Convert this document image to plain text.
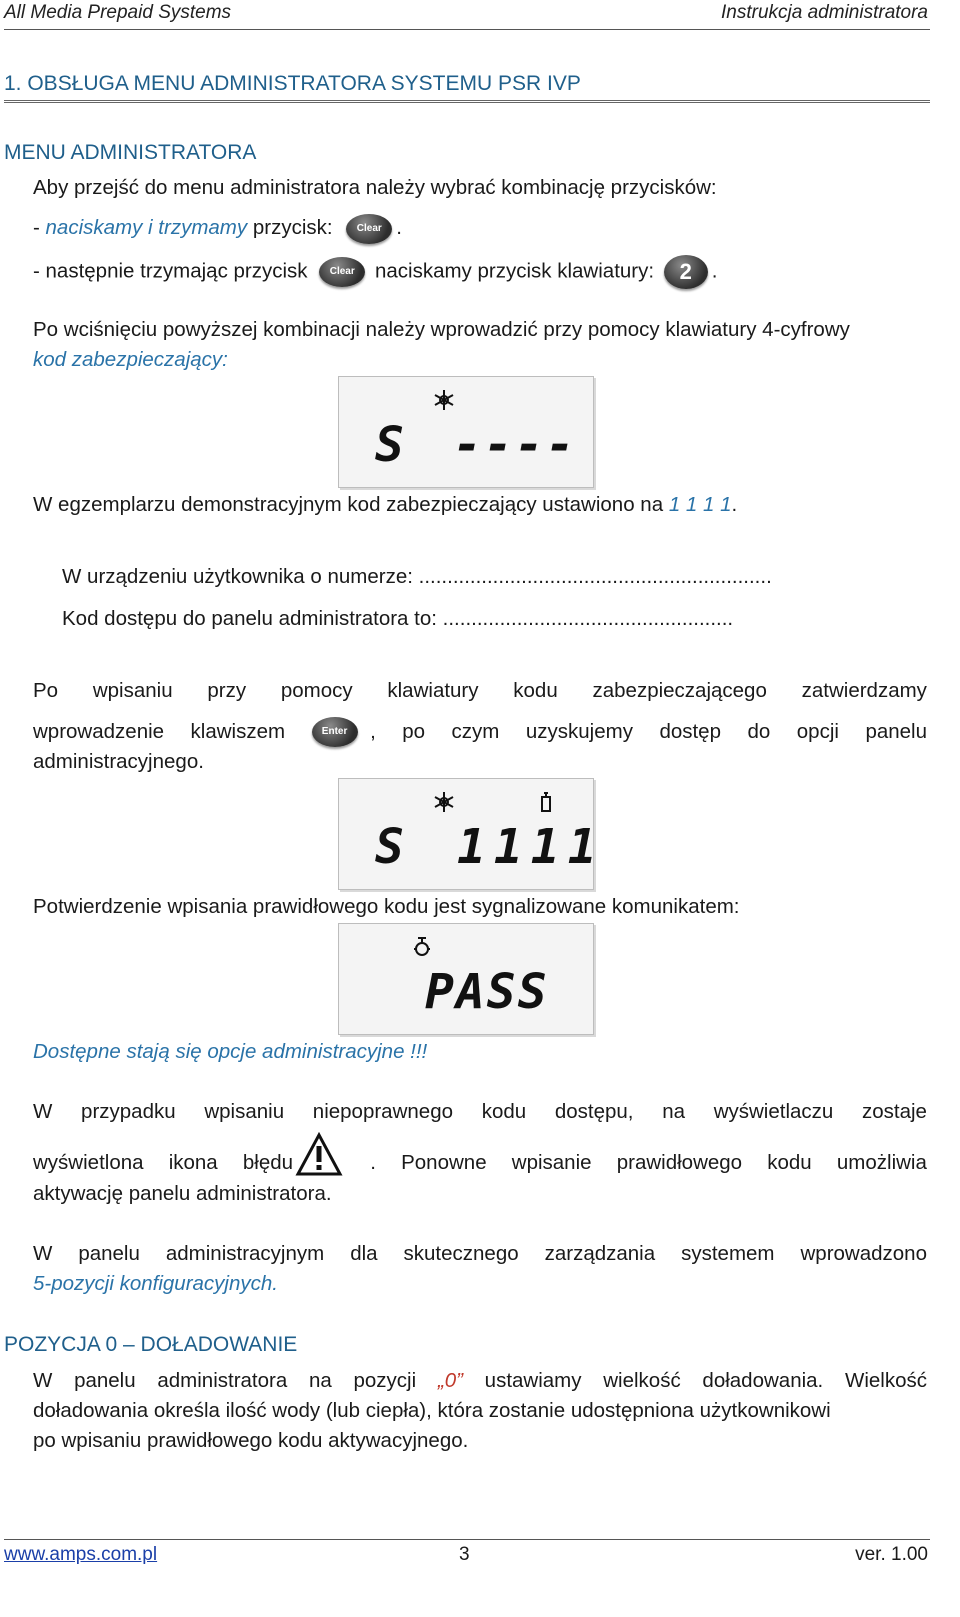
All Media Prepaid Systems	Instrukcja administratora
1. OBSŁUGA MENU ADMINISTRATORA SYSTEMU PSR IVP
MENU ADMINISTRATORA
Aby przejść do menu administratora należy wybrać kombinację przycisków:
- naciskamy i trzymamy przycisk: Clear .
- następnie trzymając przycisk Clear naciskamy przycisk klawiatury: 2 .
Po wciśnięciu powyższej kombinacji należy wprowadzić przy pomocy klawiatury 4-cyfrowy
kod zabezpieczający:
S ----
W egzemplarzu demonstracyjnym kod zabezpieczający ustawiono na 1 1 1 1.
W urządzeniu użytkownika o numerze: ..............................................................
Kod dostępu do panelu administratora to: ...................................................
Po wpisaniu przy pomocy klawiatury kodu zabezpieczającego zatwierdzamy
wprowadzenie klawiszem	Enter	, po czym uzyskujemy dostęp do opcji panelu
administracyjnego.
S 1111
Potwierdzenie wpisania prawidłowego kodu jest sygnalizowane komunikatem:
PASS
Dostępne stają się opcje administracyjne !!!
W przypadku wpisaniu niepoprawnego kodu dostępu, na wyświetlaczu zostaje
wyświetlona ikona błędu	. Ponowne wpisanie prawidłowego kodu umożliwia
aktywację panelu administratora.
W panelu administracyjnym dla skutecznego zarządzania systemem wprowadzono
5-pozycji konfiguracyjnych.
POZYCJA 0 – DOŁADOWANIE
W panelu administratora na pozycji „0” ustawiamy wielkość doładowania. Wielkość
doładowania określa ilość wody (lub ciepła), która zostanie udostępniona użytkownikowi
po wpisaniu prawidłowego kodu aktywacyjnego.
www.amps.com.pl	3	ver. 1.00
